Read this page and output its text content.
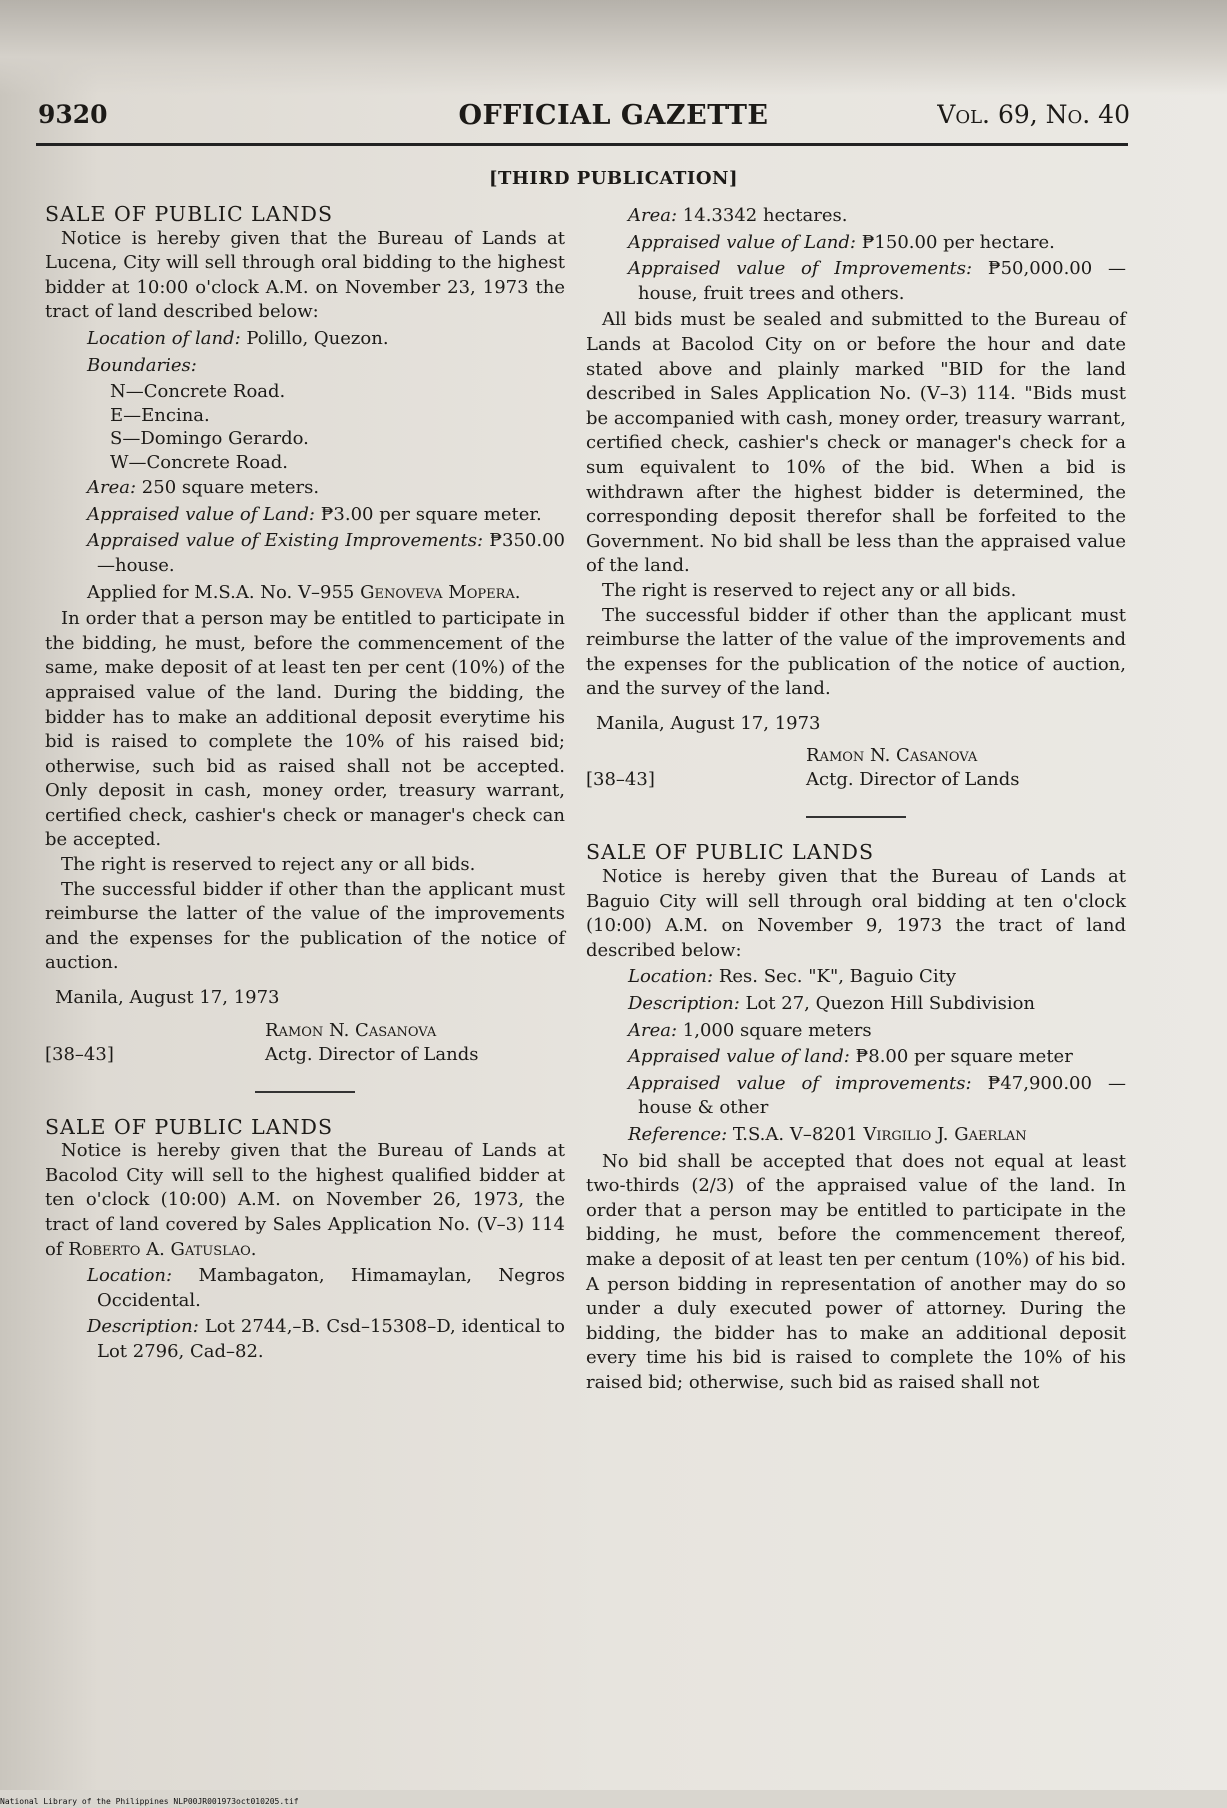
9320	OFFICIAL GAZETTE	Vol. 69, No. 40
[THIRD PUBLICATION]

SALE OF PUBLIC LANDS

Notice is hereby given that the Bureau of Lands at Lucena, City will sell through oral bidding to the highest bidder at 10:00 o'clock A.M. on November 23, 1973 the tract of land described below:

Location of land: Polillo, Quezon.

Boundaries:

N—Concrete Road.

E—Encina.

S—Domingo Gerardo.

W—Concrete Road.

Area: 250 square meters.

Appraised value of Land: ₱3.00 per square meter.

Appraised value of Existing Improvements: ₱350.00—house.

Applied for M.S.A. No. V–955 Genoveva Mopera.

In order that a person may be entitled to participate in the bidding, he must, before the commencement of the same, make deposit of at least ten per cent (10%) of the appraised value of the land. During the bidding, the bidder has to make an additional deposit everytime his bid is raised to complete the 10% of his raised bid; otherwise, such bid as raised shall not be accepted. Only deposit in cash, money order, treasury warrant, certified check, cashier's check or manager's check can be accepted.

The right is reserved to reject any or all bids.

The successful bidder if other than the applicant must reimburse the latter of the value of the improvements and the expenses for the publication of the notice of auction.

Manila, August 17, 1973

Ramon N. Casanova
[38–43]	Actg. Director of Lands

SALE OF PUBLIC LANDS

Notice is hereby given that the Bureau of Lands at Bacolod City will sell to the highest qualified bidder at ten o'clock (10:00) A.M. on November 26, 1973, the tract of land covered by Sales Application No. (V–3) 114 of Roberto A. Gatuslao.

Location: Mambagaton, Himamaylan, Negros Occidental.

Description: Lot 2744,–B. Csd–15308–D, identical to Lot 2796, Cad–82.

Area: 14.3342 hectares.

Appraised value of Land: ₱150.00 per hectare.

Appraised value of Improvements: ₱50,000.00 —house, fruit trees and others.

All bids must be sealed and submitted to the Bureau of Lands at Bacolod City on or before the hour and date stated above and plainly marked "BID for the land described in Sales Application No. (V–3) 114. "Bids must be accompanied with cash, money order, treasury warrant, certified check, cashier's check or manager's check for a sum equivalent to 10% of the bid. When a bid is withdrawn after the highest bidder is determined, the corresponding deposit therefor shall be forfeited to the Government. No bid shall be less than the appraised value of the land.

The right is reserved to reject any or all bids.

The successful bidder if other than the applicant must reimburse the latter of the value of the improvements and the expenses for the publication of the notice of auction, and the survey of the land.

Manila, August 17, 1973

Ramon N. Casanova
[38–43]	Actg. Director of Lands

SALE OF PUBLIC LANDS

Notice is hereby given that the Bureau of Lands at Baguio City will sell through oral bidding at ten o'clock (10:00) A.M. on November 9, 1973 the tract of land described below:

Location: Res. Sec. "K", Baguio City

Description: Lot 27, Quezon Hill Subdivision

Area: 1,000 square meters

Appraised value of land: ₱8.00 per square meter

Appraised value of improvements: ₱47,900.00 —house & other

Reference: T.S.A. V–8201 Virgilio J. Gaerlan

No bid shall be accepted that does not equal at least two-thirds (2/3) of the appraised value of the land. In order that a person may be entitled to participate in the bidding, he must, before the commencement thereof, make a deposit of at least ten per centum (10%) of his bid. A person bidding in representation of another may do so under a duly executed power of attorney. During the bidding, the bidder has to make an additional deposit every time his bid is raised to complete the 10% of his raised bid; otherwise, such bid as raised shall not

National Library of the Philippines NLP00JR001973oct010205.tif
